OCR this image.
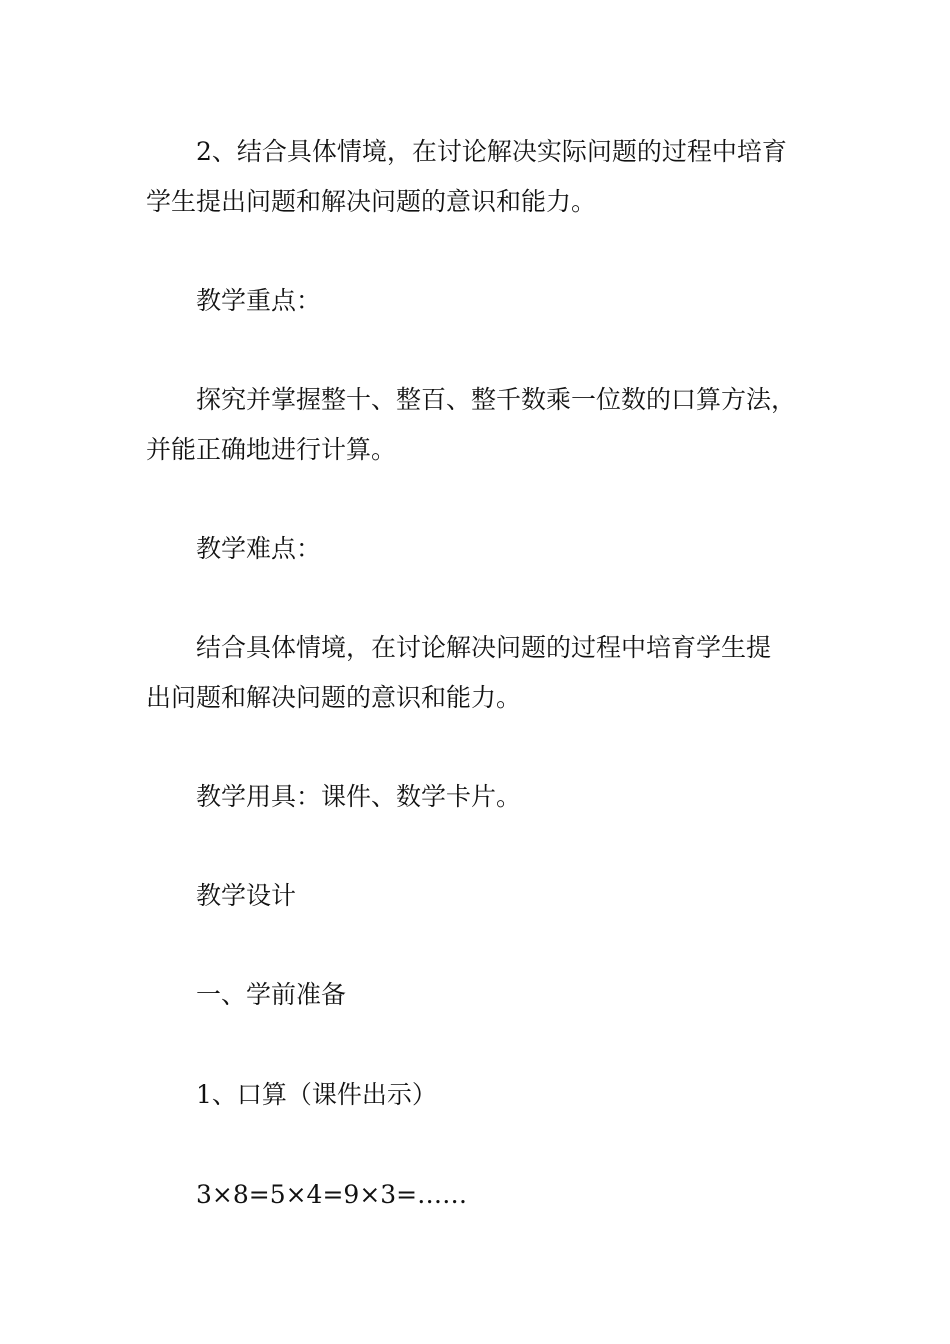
2、结合具体情境，在讨论解决实际问题的过程中培育
学生提出问题和解决问题的意识和能力。

教学重点：

探究并掌握整十、整百、整千数乘一位数的口算方法，
并能正确地进行计算。

教学难点：

结合具体情境，在讨论解决问题的过程中培育学生提
出问题和解决问题的意识和能力。

教学用具：课件、数学卡片。

教学设计

一、学前准备

1、口算（课件出示）

3×8=5×4=9×3=……
